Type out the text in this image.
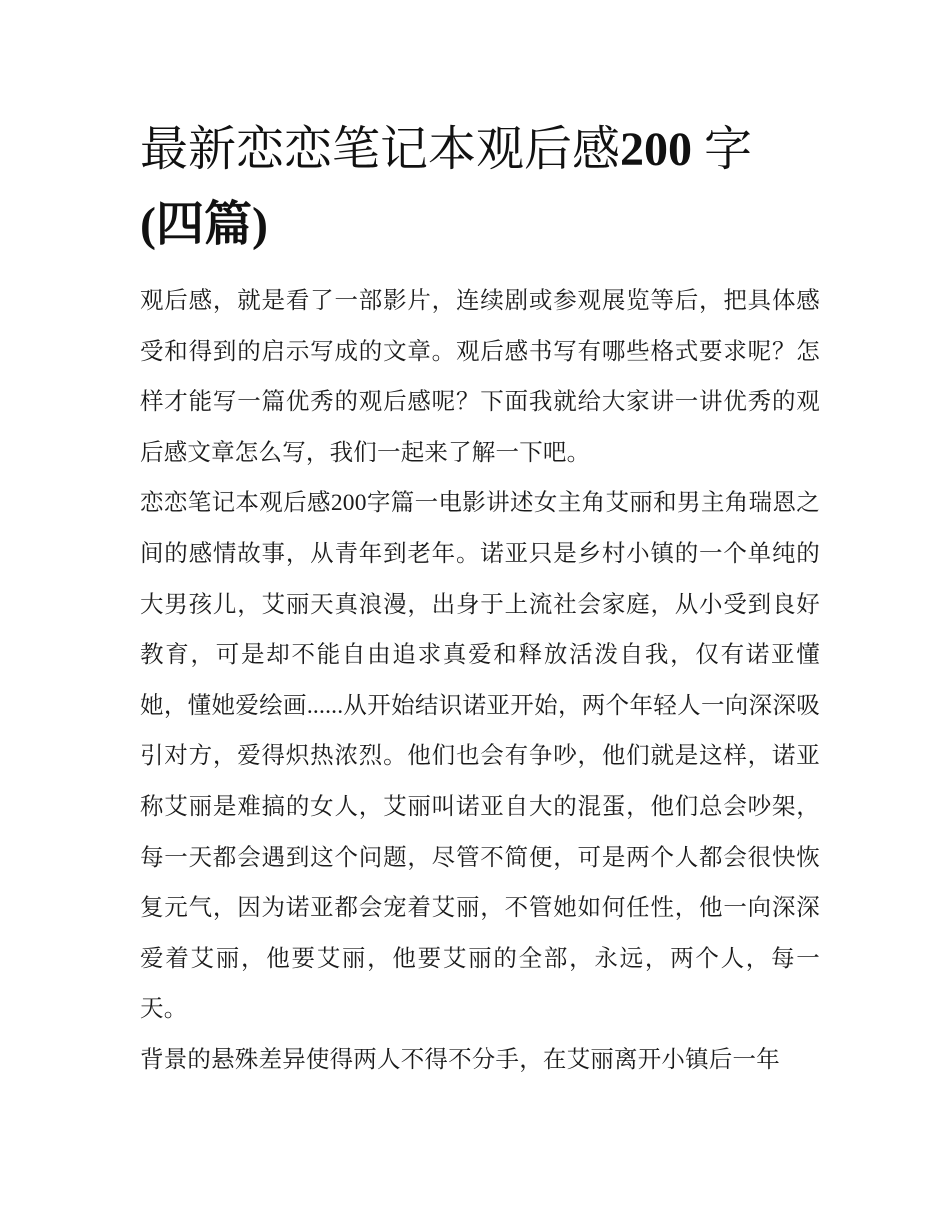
最新恋恋笔记本观后感200 字
(四篇)

观后感，就是看了一部影片，连续剧或参观展览等后，把具体感受和得到的启示写成的文章。观后感书写有哪些格式要求呢？怎样才能写一篇优秀的观后感呢？下面我就给大家讲一讲优秀的观后感文章怎么写，我们一起来了解一下吧。

恋恋笔记本观后感200字篇一电影讲述女主角艾丽和男主角瑞恩之间的感情故事，从青年到老年。诺亚只是乡村小镇的一个单纯的大男孩儿，艾丽天真浪漫，出身于上流社会家庭，从小受到良好教育，可是却不能自由追求真爱和释放活泼自我，仅有诺亚懂她，懂她爱绘画......从开始结识诺亚开始，两个年轻人一向深深吸引对方，爱得炽热浓烈。他们也会有争吵，他们就是这样，诺亚称艾丽是难搞的女人，艾丽叫诺亚自大的混蛋，他们总会吵架，每一天都会遇到这个问题，尽管不简便，可是两个人都会很快恢复元气，因为诺亚都会宠着艾丽，不管她如何任性，他一向深深爱着艾丽，他要艾丽，他要艾丽的全部，永远，两个人，每一天。

背景的悬殊差异使得两人不得不分手，在艾丽离开小镇后一年
